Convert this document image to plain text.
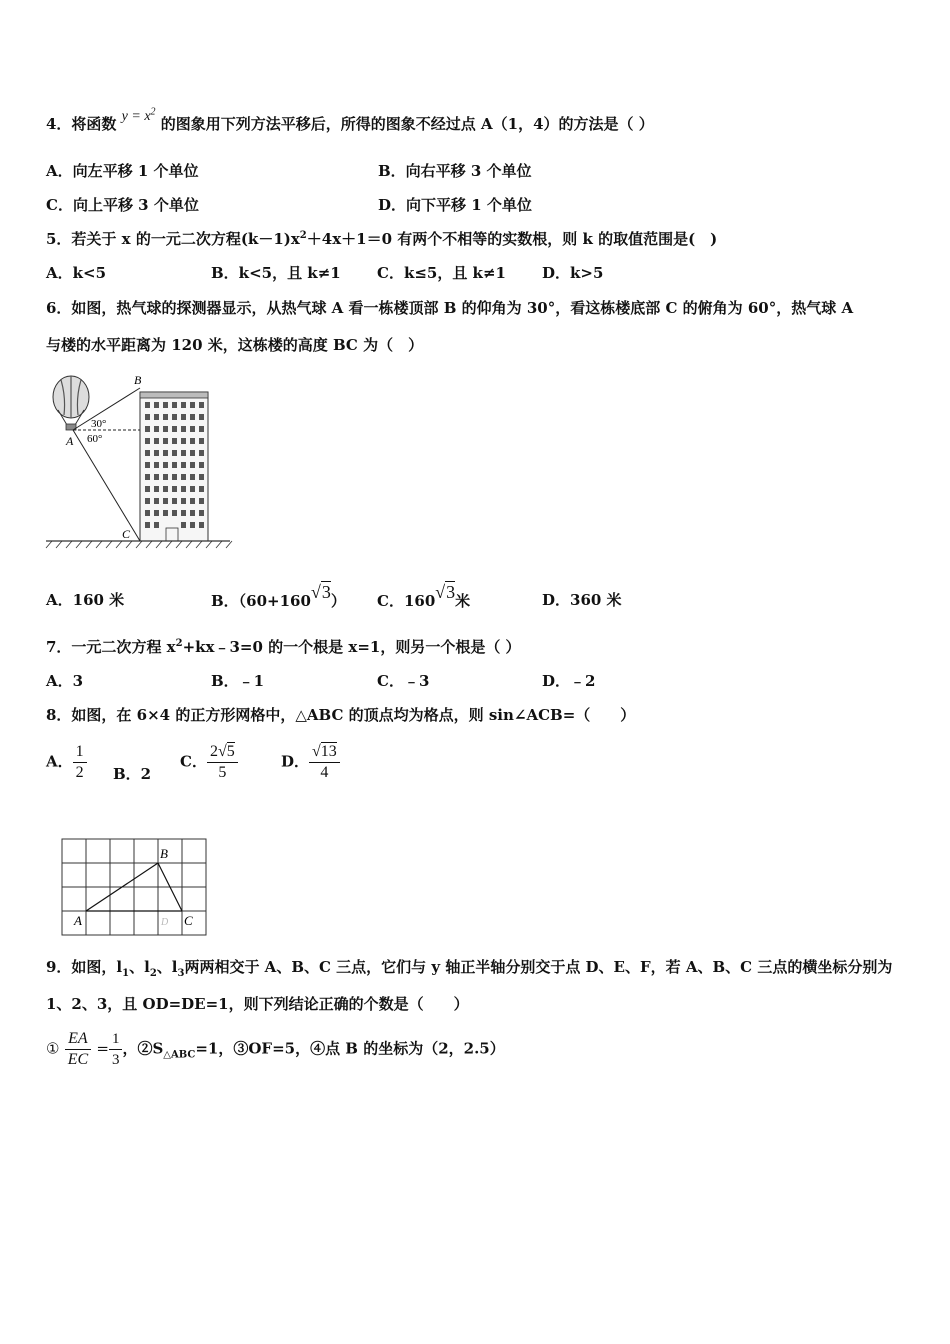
4．将函数 $y = x^2$ 的图象用下列方法平移后，所得的图象不经过点 A（1，4）的方法是（ ）
A．向左平移 1 个单位	B．向右平移 3 个单位
C．向上平移 3 个单位	D．向下平移 1 个单位
5．若关于 x 的一元二次方程$(k-1)x^2+4x+1=0$ 有两个不相等的实数根，则 k 的取值范围是(　)
A．k<5	B．k<5，且 k≠1 C．k≤5，且 k≠1 D．k>5
6．如图，热气球的探测器显示，从热气球 A 看一栋楼顶部 B 的仰角为 30°，看这栋楼底部 C 的俯角为 60°，热气球 A
与楼的水平距离为 120 米，这栋楼的高度 BC 为（　）
B
A
C
30°
60°
A．160 米	B．（60+160√3） C．160√3米	D．360 米
7．一元二次方程 $x^2+kx﹣3=0$ 的一个根是 x=1，则另一个根是（ ）
A．3	B．﹣1	C．﹣3	D．﹣2
8．如图，在 6×4 的正方形网格中，△ABC 的顶点均为格点，则 sin∠ACB=（　　）
A． $\frac{1}{2}$ B．2
C． $\frac{2√5}{5}$	D． $\frac{√13}{4}$
A
B
C
D
9．如图，$l_1$、$l_2$、$l_3$两两相交于 A、B、C 三点，它们与 y 轴正半轴分别交于点 D、E、F，若 A、B、C 三点的横坐标分别为
1、2、3，且 OD=DE=1，则下列结论正确的个数是（　　）
① $\frac{EA}{EC} = \frac{1}{3}$ ，$②S_{\triangle ABC}=1$，③OF=5，④点 B 的坐标为（2，2.5）
